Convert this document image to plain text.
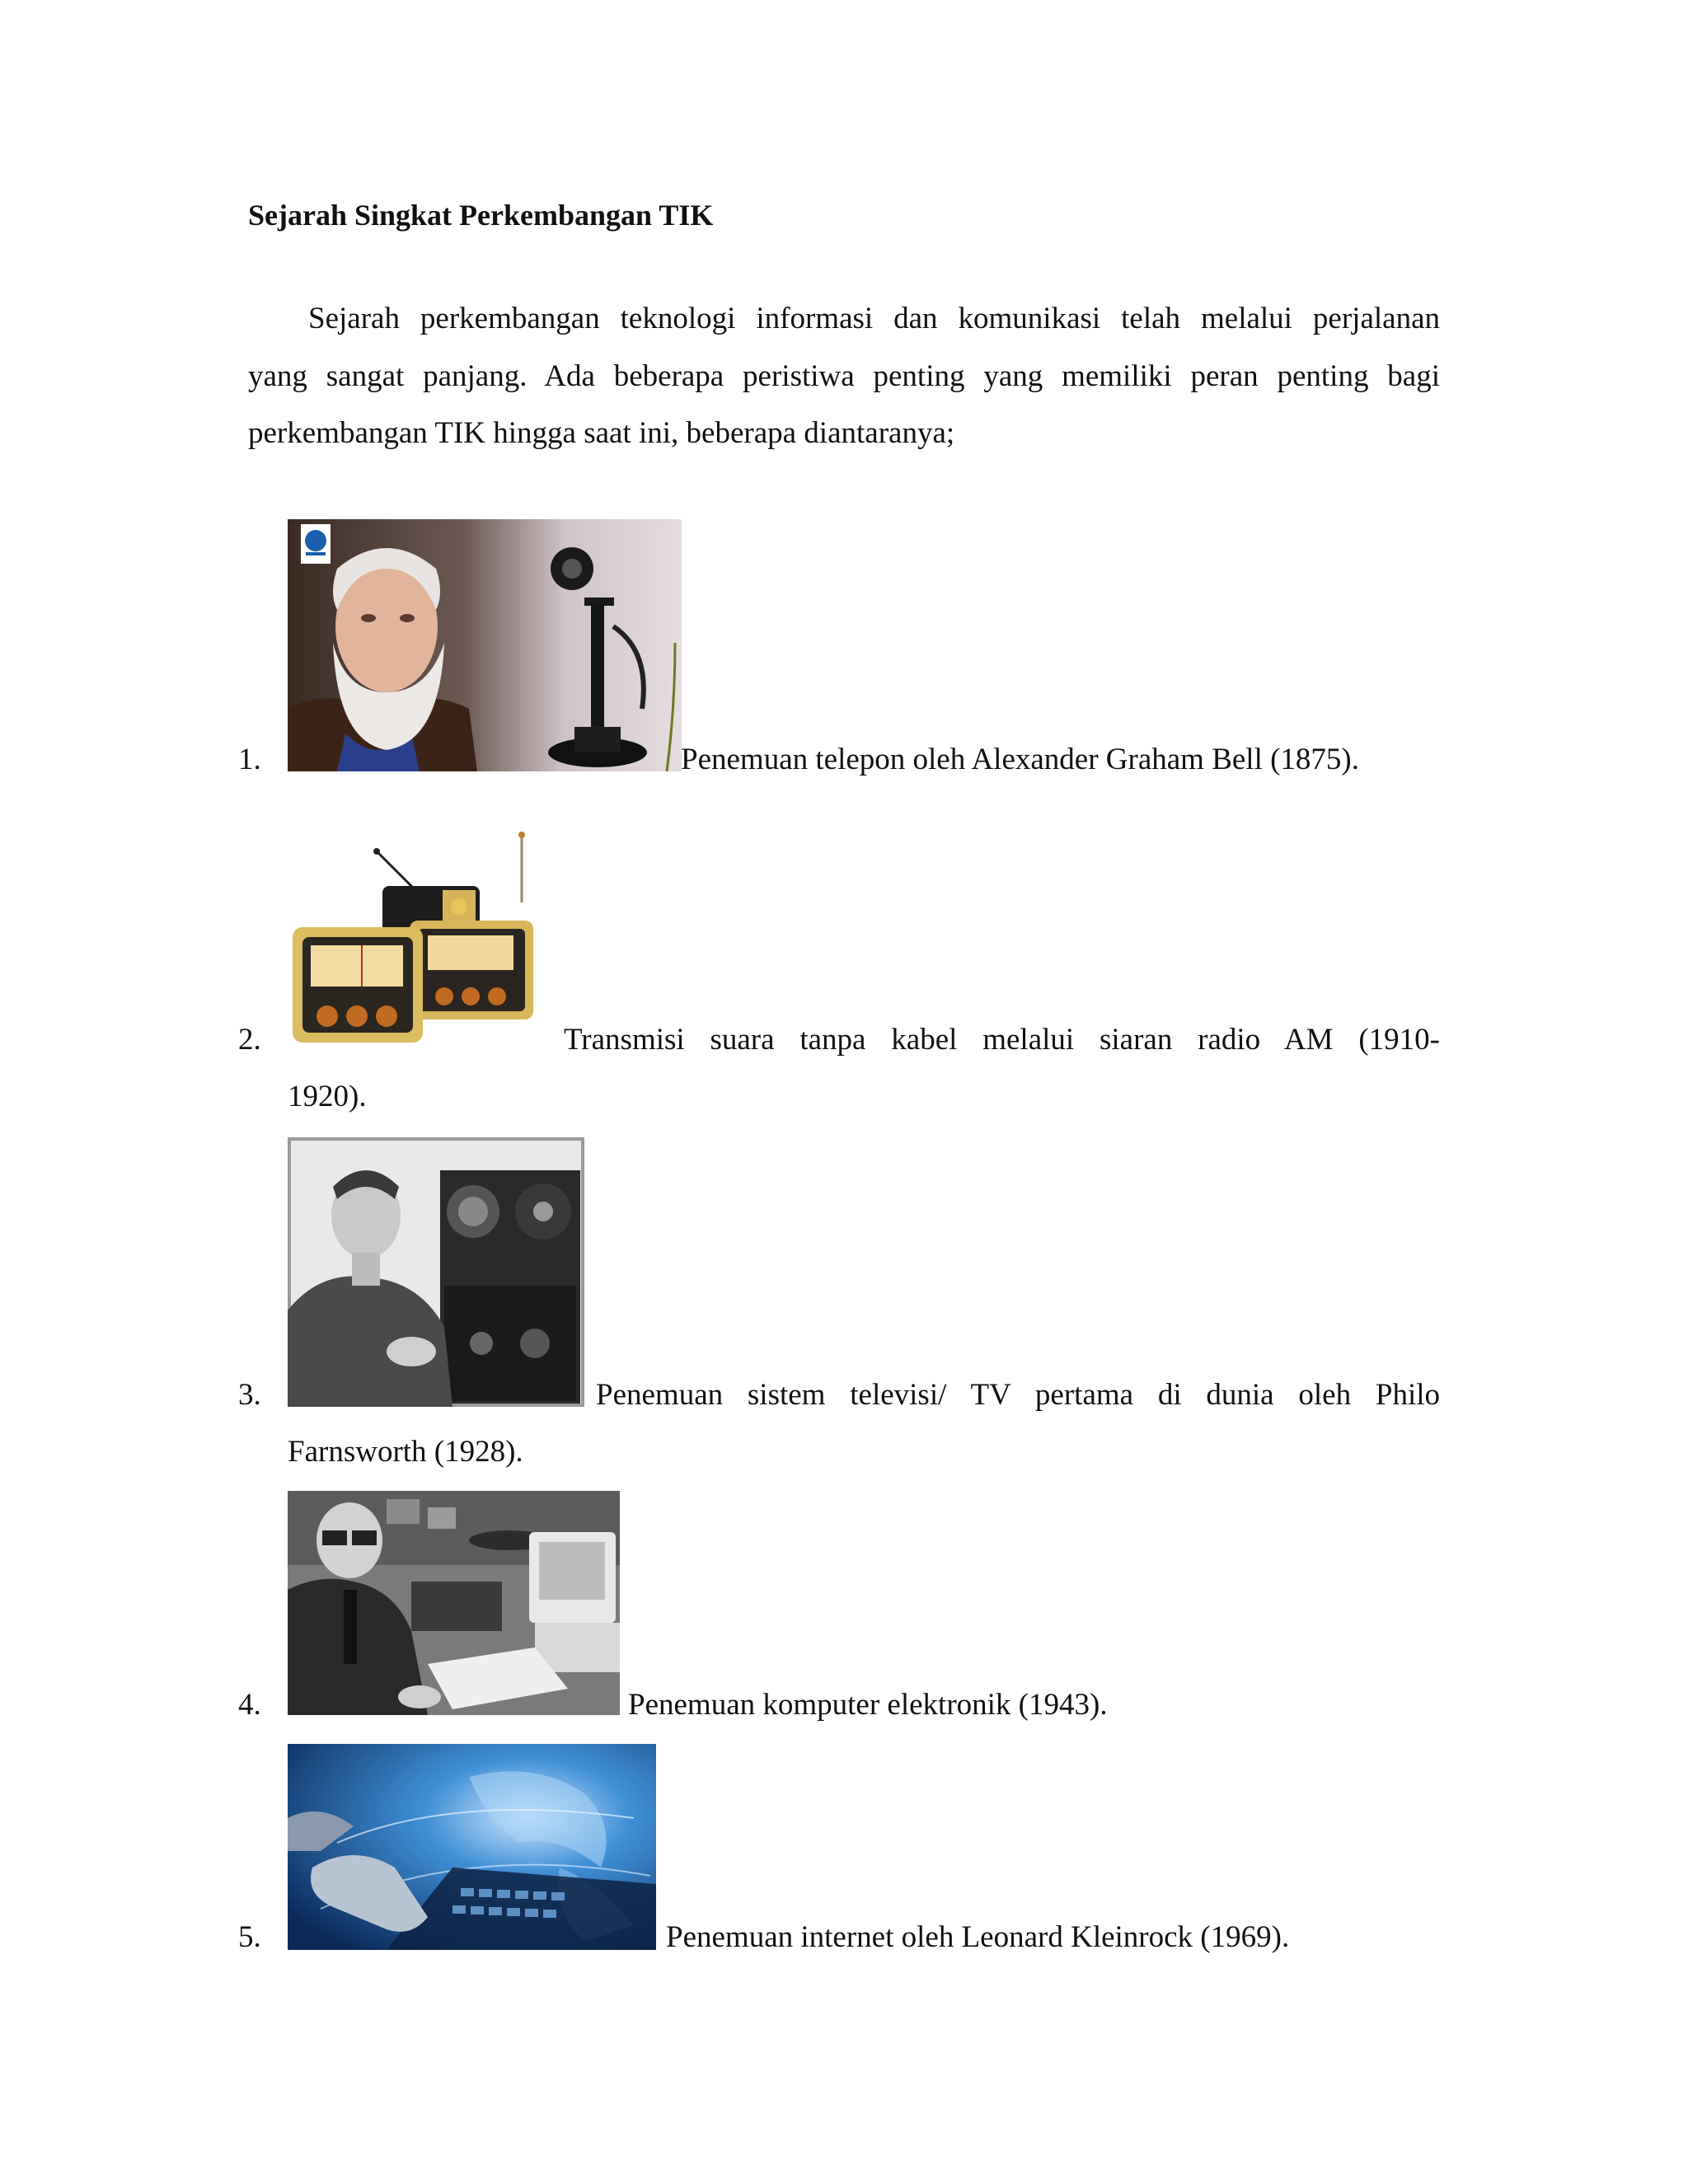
Sejarah Singkat Perkembangan TIK
Sejarah perkembangan teknologi informasi dan komunikasi telah melalui perjalanan
yang sangat panjang. Ada beberapa peristiwa penting yang memiliki peran penting bagi
perkembangan TIK hingga saat ini, beberapa diantaranya;
1.	Penemuan telepon oleh Alexander Graham Bell (1875).
2.	Transmisi suara tanpa kabel melalui siaran radio AM (1910-
1920).
3.	Penemuan sistem televisi/ TV pertama di dunia oleh Philo
Farnsworth (1928).
4.	Penemuan komputer elektronik (1943).
5.	Penemuan internet oleh Leonard Kleinrock (1969).
